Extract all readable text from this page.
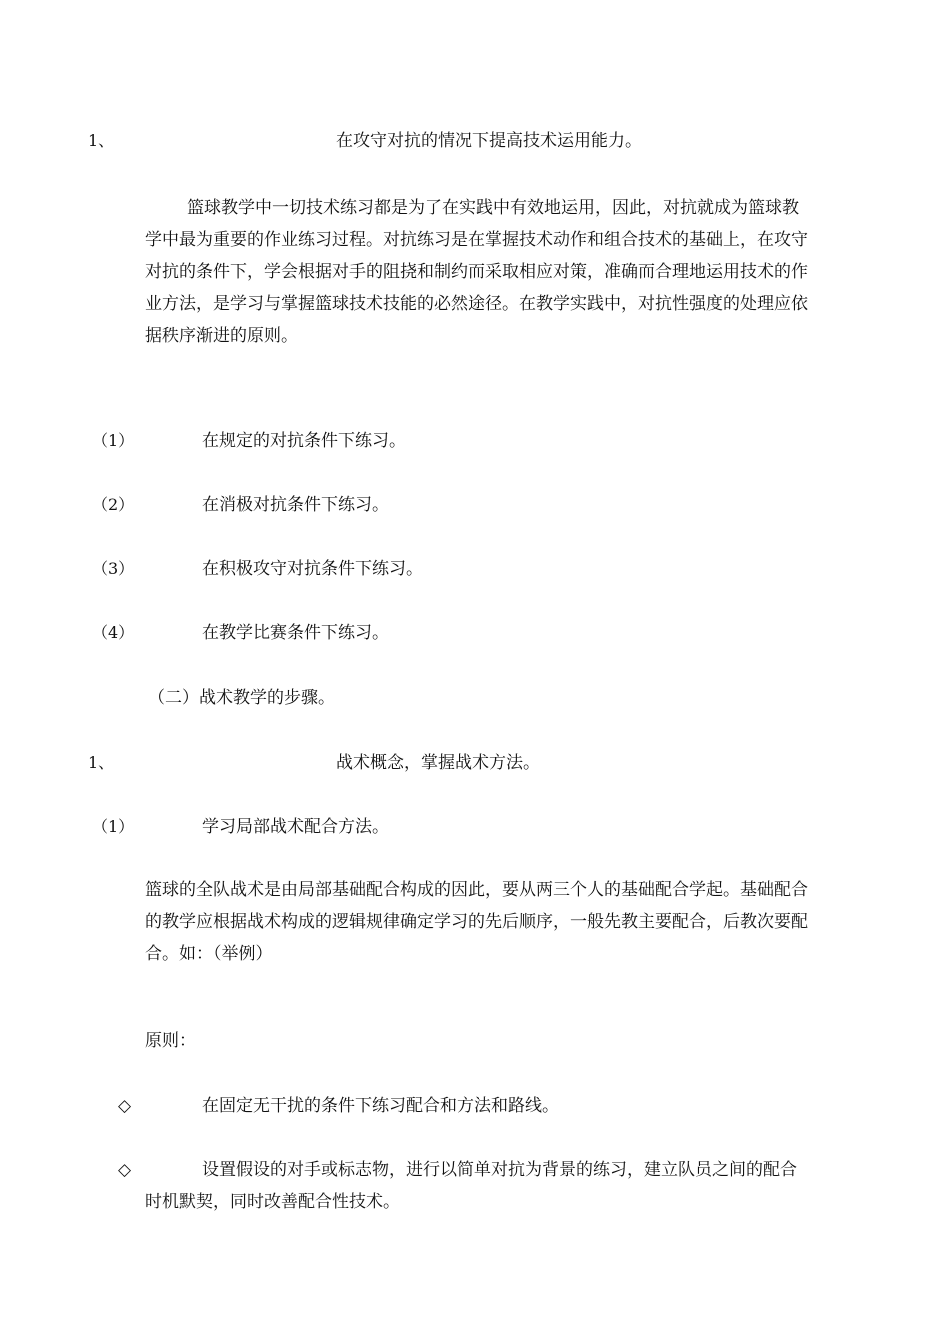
1、	在攻守对抗的情况下提高技术运用能力。
篮球教学中一切技术练习都是为了在实践中有效地运用，因此，对抗就成为篮球教学中最为重要的作业练习过程。对抗练习是在掌握技术动作和组合技术的基础上，在攻守对抗的条件下，学会根据对手的阻挠和制约而采取相应对策，准确而合理地运用技术的作业方法，是学习与掌握篮球技术技能的必然途径。在教学实践中，对抗性强度的处理应依据秩序渐进的原则。
（1）	在规定的对抗条件下练习。
（2）	在消极对抗条件下练习。
（3）	在积极攻守对抗条件下练习。
（4）	在教学比赛条件下练习。
（二）战术教学的步骤。
1、	战术概念，掌握战术方法。
（1）	学习局部战术配合方法。
篮球的全队战术是由局部基础配合构成的因此，要从两三个人的基础配合学起。基础配合的教学应根据战术构成的逻辑规律确定学习的先后顺序，一般先教主要配合，后教次要配合。如：（举例）
原则：
◇	在固定无干扰的条件下练习配合和方法和路线。
◇	设置假设的对手或标志物，进行以简单对抗为背景的练习，建立队员之间的配合时机默契，同时改善配合性技术。
